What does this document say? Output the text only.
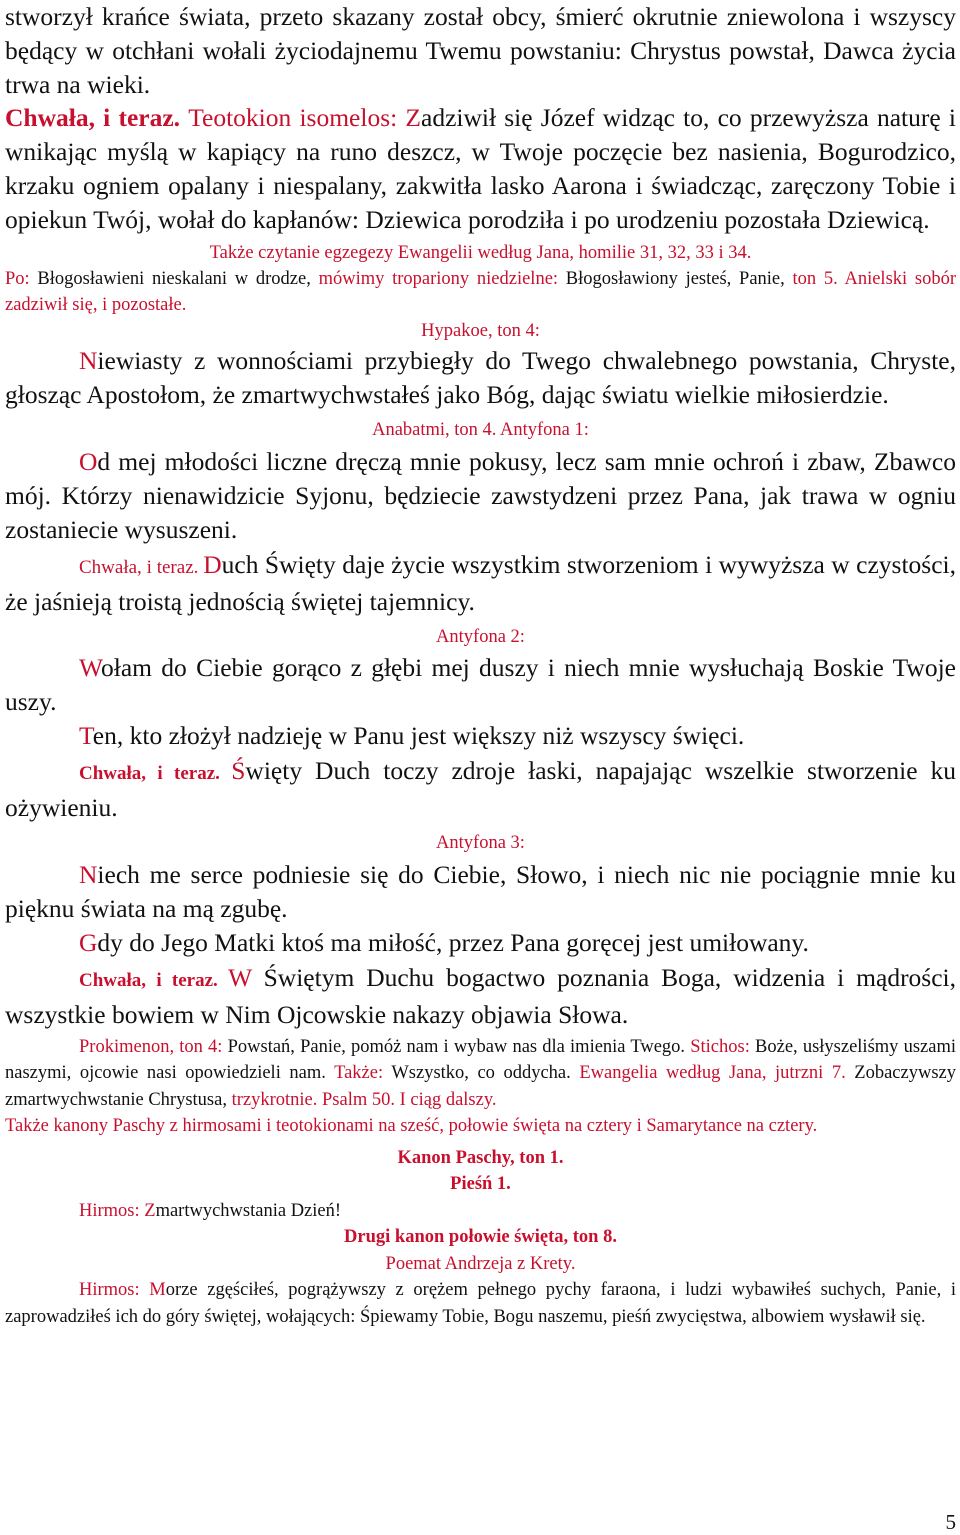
stworzył krańce świata, przeto skazany został obcy, śmierć okrutnie zniewolona i wszyscy będący w otchłani wołali życiodajnemu Twemu powstaniu: Chrystus powstał, Dawca życia trwa na wieki.

Chwała, i teraz. Teotokion isomelos: Zadziwił się Józef widząc to, co przewyższa naturę i wnikając myślą w kapiący na runo deszcz, w Twoje poczęcie bez nasienia, Bogurodzico, krzaku ogniem opalany i niespalany, zakwitła lasko Aarona i świadcząc, zaręczony Tobie i opiekun Twój, wołał do kapłanów: Dziewica porodziła i po urodzeniu pozostała Dziewicą.

Także czytanie egzegezy Ewangelii według Jana, homilie 31, 32, 33 i 34.

Po: Błogosławieni nieskalani w drodze, mówimy tropariony niedzielne: Błogosławiony jesteś, Panie, ton 5. Anielski sobór zadziwił się, i pozostałe.

Hypakoe, ton 4:

Niewiasty z wonnościami przybiegły do Twego chwalebnego powstania, Chryste, głosząc Apostołom, że zmartwychwstałeś jako Bóg, dając światu wielkie miłosierdzie.

Anabatmi, ton 4. Antyfona 1:

Od mej młodości liczne dręczą mnie pokusy, lecz sam mnie ochroń i zbaw, Zbawco mój. Którzy nienawidzicie Syjonu, będziecie zawstydzeni przez Pana, jak trawa w ogniu zostaniecie wysuszeni.

Chwała, i teraz. Duch Święty daje życie wszystkim stworzeniom i wywyższa w czystości, że jaśnieją troistą jednością świętej tajemnicy.

Antyfona 2:

Wołam do Ciebie gorąco z głębi mej duszy i niech mnie wysłuchają Boskie Twoje uszy.

Ten, kto złożył nadzieję w Panu jest większy niż wszyscy święci.

Chwała, i teraz. Święty Duch toczy zdroje łaski, napajając wszelkie stworzenie ku ożywieniu.

Antyfona 3:

Niech me serce podniesie się do Ciebie, Słowo, i niech nic nie pociągnie mnie ku pięknu świata na mą zgubę.

Gdy do Jego Matki ktoś ma miłość, przez Pana goręcej jest umiłowany.

Chwała, i teraz. W Świętym Duchu bogactwo poznania Boga, widzenia i mądrości, wszystkie bowiem w Nim Ojcowskie nakazy objawia Słowa.

Prokimenon, ton 4: Powstań, Panie, pomóż nam i wybaw nas dla imienia Twego. Stichos: Boże, usłyszeliśmy uszami naszymi, ojcowie nasi opowiedzieli nam. Także: Wszystko, co oddycha. Ewangelia według Jana, jutrzni 7. Zobaczywszy zmartwychwstanie Chrystusa, trzykrotnie. Psalm 50. I ciąg dalszy.

Także kanony Paschy z hirmosami i teotokionami na sześć, połowie święta na cztery i Samarytance na cztery.

Kanon Paschy, ton 1.

Pieśń 1.

Hirmos: Zmartwychwstania Dzień!

Drugi kanon połowie święta, ton 8.

Poemat Andrzeja z Krety.

Hirmos: Morze zgęściłeś, pogrążywszy z orężem pełnego pychy faraona, i ludzi wybawiłeś suchych, Panie, i zaprowadziłeś ich do góry świętej, wołających: Śpiewamy Tobie, Bogu naszemu, pieśń zwycięstwa, albowiem wysławił się.

5
